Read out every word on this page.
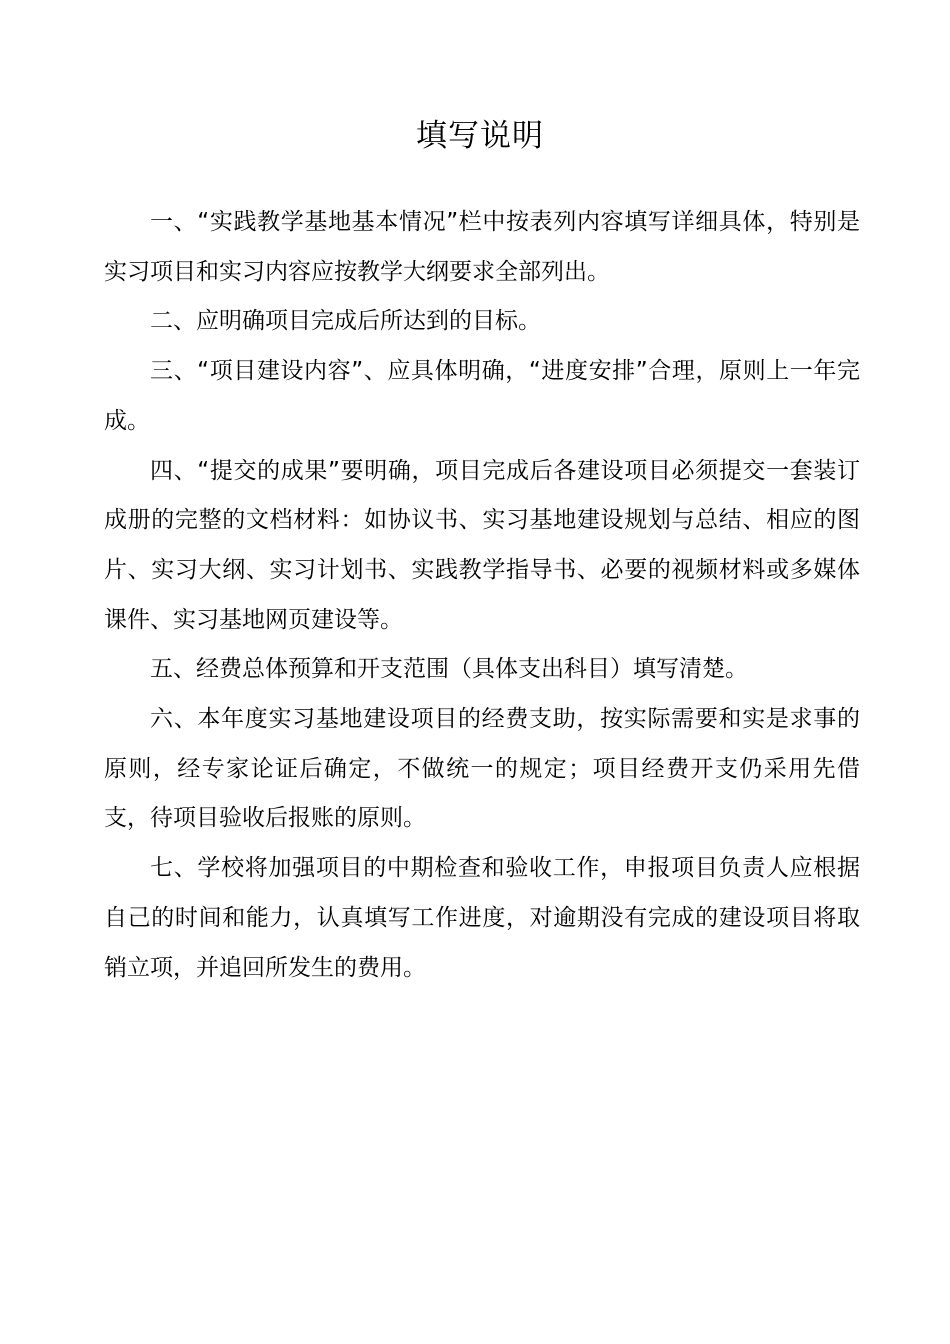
填写说明

一、“实践教学基地基本情况”栏中按表列内容填写详细具体，特别是实习项目和实习内容应按教学大纲要求全部列出。

二、应明确项目完成后所达到的目标。

三、“项目建设内容”、应具体明确，“进度安排”合理，原则上一年完成。

四、“提交的成果”要明确，项目完成后各建设项目必须提交一套装订成册的完整的文档材料：如协议书、实习基地建设规划与总结、相应的图片、实习大纲、实习计划书、实践教学指导书、必要的视频材料或多媒体课件、实习基地网页建设等。

五、经费总体预算和开支范围（具体支出科目）填写清楚。

六、本年度实习基地建设项目的经费支助，按实际需要和实是求事的原则，经专家论证后确定，不做统一的规定；项目经费开支仍采用先借支，待项目验收后报账的原则。

七、学校将加强项目的中期检查和验收工作，申报项目负责人应根据自己的时间和能力，认真填写工作进度，对逾期没有完成的建设项目将取销立项，并追回所发生的费用。
